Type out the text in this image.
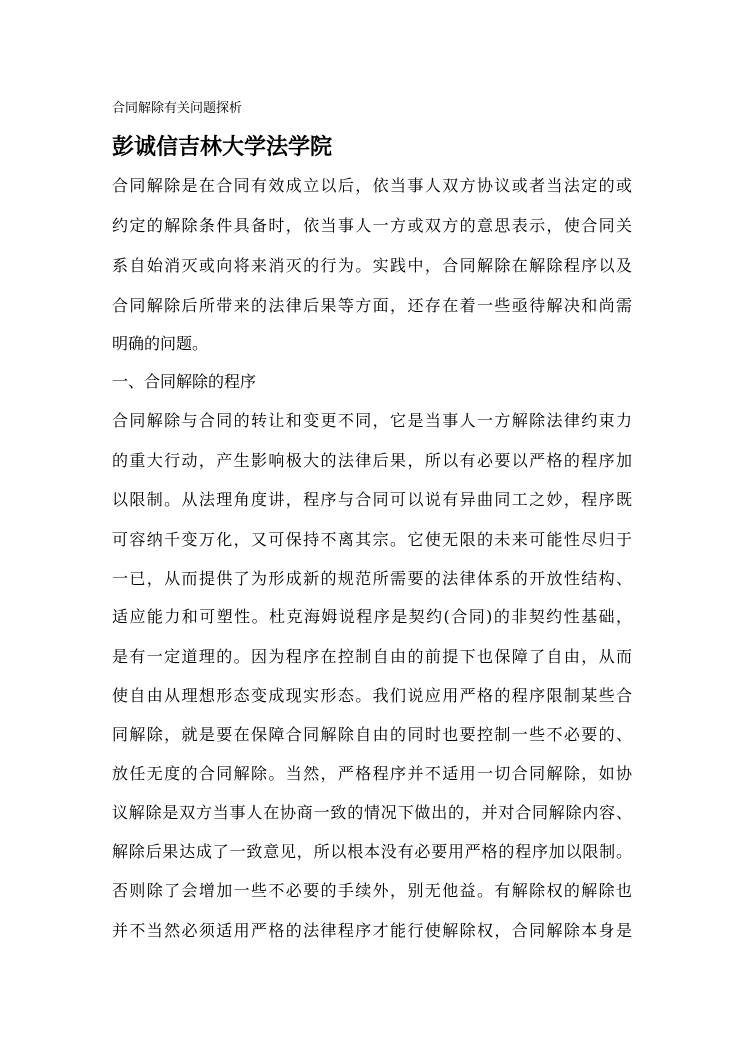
合同解除有关问题探析
彭诚信吉林大学法学院
合同解除是在合同有效成立以后，依当事人双方协议或者当法定的或
约定的解除条件具备时，依当事人一方或双方的意思表示，使合同关
系自始消灭或向将来消灭的行为。实践中，合同解除在解除程序以及
合同解除后所带来的法律后果等方面，还存在着一些亟待解决和尚需
明确的问题。
一、合同解除的程序
合同解除与合同的转让和变更不同，它是当事人一方解除法律约束力
的重大行动，产生影响极大的法律后果，所以有必要以严格的程序加
以限制。从法理角度讲，程序与合同可以说有异曲同工之妙，程序既
可容纳千变万化，又可保持不离其宗。它使无限的未来可能性尽归于
一已，从而提供了为形成新的规范所需要的法律体系的开放性结构、
适应能力和可塑性。杜克海姆说程序是契约(合同)的非契约性基础，
是有一定道理的。因为程序在控制自由的前提下也保障了自由，从而
使自由从理想形态变成现实形态。我们说应用严格的程序限制某些合
同解除，就是要在保障合同解除自由的同时也要控制一些不必要的、
放任无度的合同解除。当然，严格程序并不适用一切合同解除，如协
议解除是双方当事人在协商一致的情况下做出的，并对合同解除内容、
解除后果达成了一致意见，所以根本没有必要用严格的程序加以限制。
否则除了会增加一些不必要的手续外，别无他益。有解除权的解除也
并不当然必须适用严格的法律程序才能行使解除权，合同解除本身是
